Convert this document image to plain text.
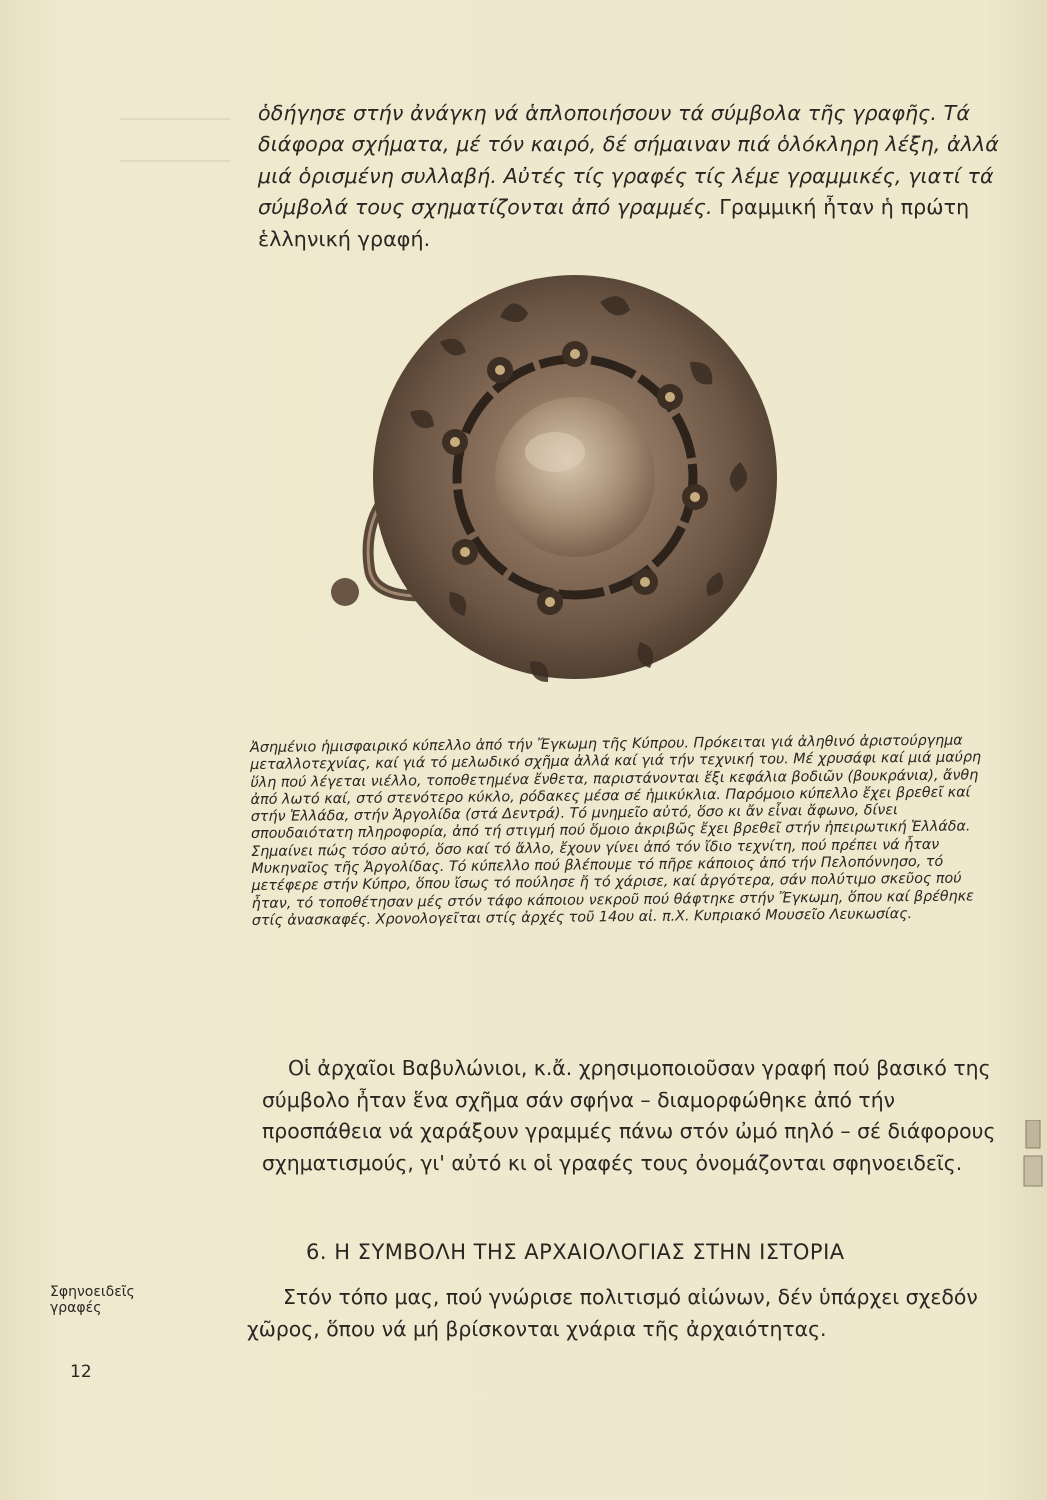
ὁδήγησε στήν ἀνάγκη νά ἁπλοποιήσουν τά σύμβολα τῆς γραφῆς. Τά διάφορα σχήματα, μέ τόν καιρό, δέ σήμαιναν πιά ὁλόκληρη λέξη, ἀλλά μιά ὁρισμένη συλλαβή. Αὐτές τίς γραφές τίς λέμε γραμμικές, γιατί τά σύμβολά τους σχηματίζονται ἀπό γραμμές. Γραμμική ἦταν ἡ πρώτη ἑλληνική γραφή.

Ἀσημένιο ἡμισφαιρικό κύπελλο ἀπό τήν Ἔγκωμη τῆς Κύπρου. Πρόκειται γιά ἀληθινό ἀριστούργημα μεταλλοτεχνίας, καί γιά τό μελωδικό σχῆμα ἀλλά καί γιά τήν τεχνική του. Μέ χρυσάφι καί μιά μαύρη ὕλη πού λέγεται νιέλλο, τοποθετημένα ἔνθετα, παριστάνονται ἕξι κεφάλια βοδιῶν (βουκράνια), ἄνθη ἀπό λωτό καί, στό στενότερο κύκλο, ρόδακες μέσα σέ ἡμικύκλια. Παρόμοιο κύπελλο ἔχει βρεθεῖ καί στήν Ἑλλάδα, στήν Ἀργολίδα (στά Δεντρά). Τό μνημεῖο αὐτό, ὅσο κι ἄν εἶναι ἄφωνο, δίνει σπουδαιότατη πληροφορία, ἀπό τή στιγμή πού ὅμοιο ἀκριβῶς ἔχει βρεθεῖ στήν ἠπειρωτική Ἑλλάδα. Σημαίνει πώς τόσο αὐτό, ὅσο καί τό ἄλλο, ἔχουν γίνει ἀπό τόν ἴδιο τεχνίτη, πού πρέπει νά ἦταν Μυκηναῖος τῆς Ἀργολίδας. Τό κύπελλο πού βλέπουμε τό πῆρε κάποιος ἀπό τήν Πελοπόννησο, τό μετέφερε στήν Κύπρο, ὅπου ἴσως τό πούλησε ἤ τό χάρισε, καί ἀργότερα, σάν πολύτιμο σκεῦος πού ἦταν, τό τοποθέτησαν μές στόν τάφο κάποιου νεκροῦ πού θάφτηκε στήν Ἔγκωμη, ὅπου καί βρέθηκε στίς ἀνασκαφές. Χρονολογεῖται στίς ἀρχές τοῦ 14ου αἰ. π.Χ. Κυπριακό Μουσεῖο Λευκωσίας.

Οἱ ἀρχαῖοι Βαβυλώνιοι, κ.ἄ. χρησιμοποιοῦσαν γραφή πού βασικό της σύμβολο ἦταν ἕνα σχῆμα σάν σφήνα – διαμορφώθηκε ἀπό τήν προσπάθεια νά χαράξουν γραμμές πάνω στόν ὠμό πηλό – σέ διάφορους σχηματισμούς, γι' αὐτό κι οἱ γραφές τους ὀνομάζονται σφηνοειδεῖς.

6. Η ΣΥΜΒΟΛΗ ΤΗΣ ΑΡΧΑΙΟΛΟΓΙΑΣ ΣΤΗΝ ΙΣΤΟΡΙΑ

Στόν τόπο μας, πού γνώρισε πολιτισμό αἰώνων, δέν ὑπάρχει σχεδόν χῶρος, ὅπου νά μή βρίσκονται χνάρια τῆς ἀρχαιότητας.

Σφηνοειδεῖς γραφές

12
